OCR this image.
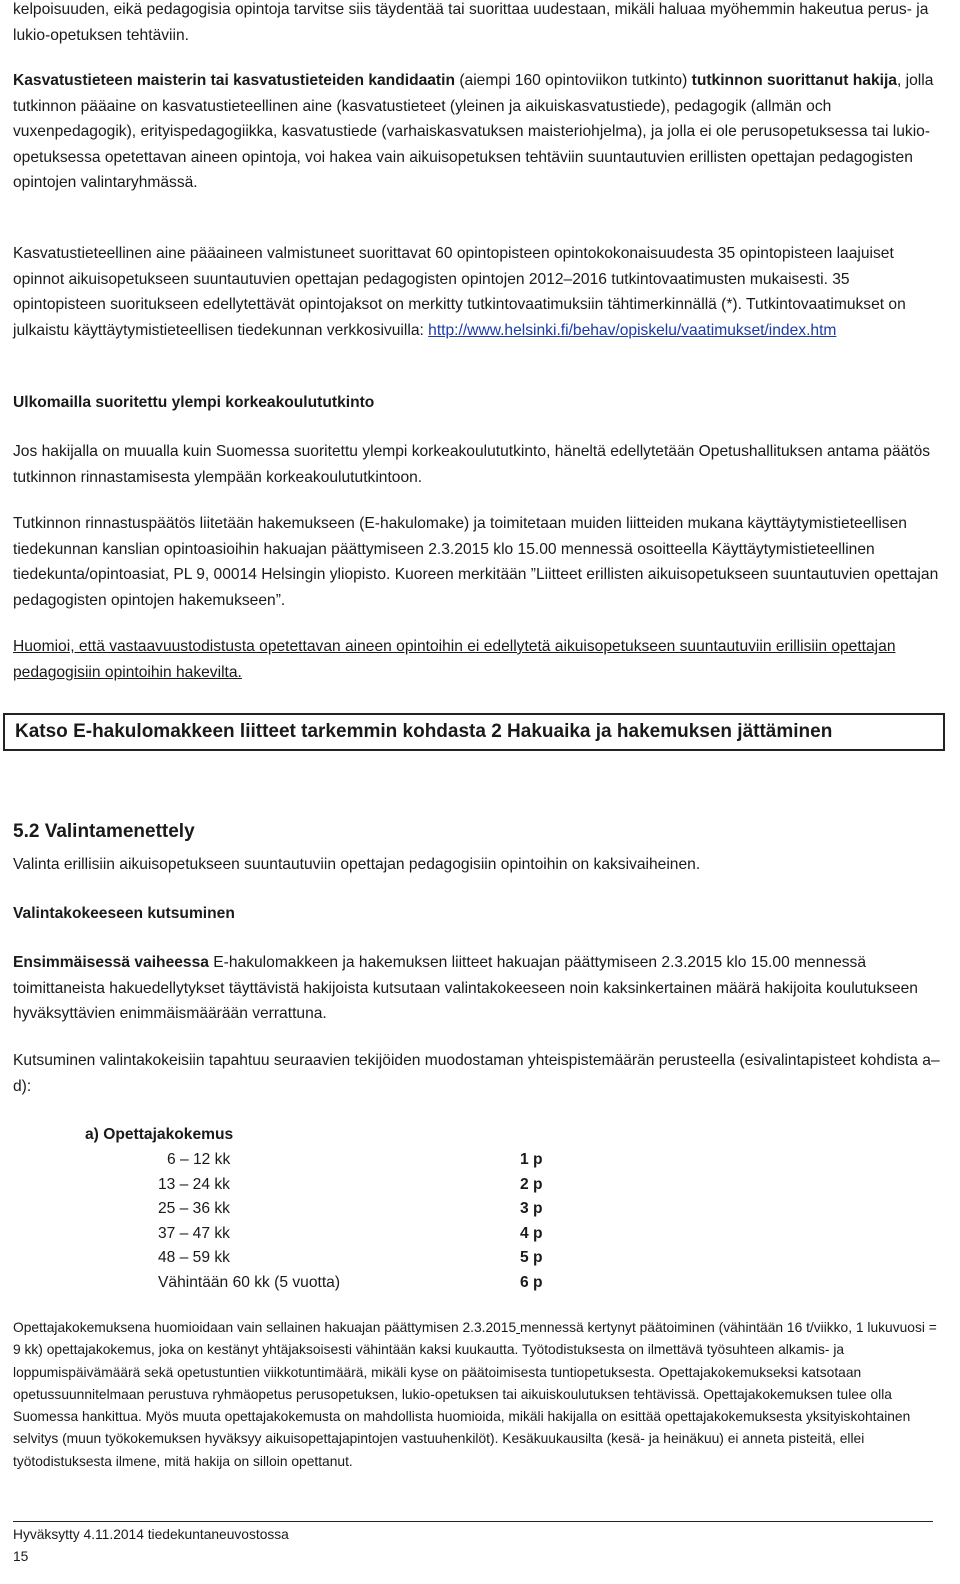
kelpoisuuden, eikä pedagogisia opintoja tarvitse siis täydentää tai suorittaa uudestaan, mikäli haluaa myöhemmin hakeutua perus- ja lukio-opetuksen tehtäviin.

Kasvatustieteen maisterin tai kasvatustieteiden kandidaatin (aiempi 160 opintoviikon tutkinto) tutkinnon suorittanut hakija, jolla tutkinnon pääaine on kasvatustieteellinen aine (kasvatustieteet (yleinen ja aikuiskasvatustiede), pedagogik (allmän och vuxenpedagogik), erityispedagogiikka, kasvatustiede (varhaiskasvatuksen maisteriohjelma), ja jolla ei ole perusopetuksessa tai lukio-opetuksessa opetettavan aineen opintoja, voi hakea vain aikuisopetuksen tehtäviin suuntautuvien erillisten opettajan pedagogisten opintojen valintaryhmässä.

Kasvatustieteellinen aine pääaineen valmistuneet suorittavat 60 opintopisteen opintokokonaisuudesta 35 opintopisteen laajuiset opinnot aikuisopetukseen suuntautuvien opettajan pedagogisten opintojen 2012–2016 tutkintovaatimusten mukaisesti. 35 opintopisteen suoritukseen edellytettävät opintojaksot on merkitty tutkintovaatimuksiin tähtimerkinnällä (*). Tutkintovaatimukset on julkaistu käyttäytymistieteellisen tiedekunnan verkkosivuilla: http://www.helsinki.fi/behav/opiskelu/vaatimukset/index.htm

Ulkomailla suoritettu ylempi korkeakoulututkinto

Jos hakijalla on muualla kuin Suomessa suoritettu ylempi korkeakoulututkinto, häneltä edellytetään Opetushallituksen antama päätös tutkinnon rinnastamisesta ylempään korkeakoulututkintoon.

Tutkinnon rinnastuspäätös liitetään hakemukseen (E-hakulomake) ja toimitetaan muiden liitteiden mukana käyttäytymistieteellisen tiedekunnan kanslian opintoasioihin hakuajan päättymiseen 2.3.2015 klo 15.00 mennessä osoitteella Käyttäytymistieteellinen tiedekunta/opintoasiat, PL 9, 00014 Helsingin yliopisto. Kuoreen merkitään ”Liitteet erillisten aikuisopetukseen suuntautuvien opettajan pedagogisten opintojen hakemukseen”.

Huomioi, että vastaavuustodistusta opetettavan aineen opintoihin ei edellytetä aikuisopetukseen suuntautuviin erillisiin opettajan pedagogisiin opintoihin hakevilta.

Katso E-hakulomakkeen liitteet tarkemmin kohdasta 2 Hakuaika ja hakemuksen jättäminen

5.2 Valintamenettely

Valinta erillisiin aikuisopetukseen suuntautuviin opettajan pedagogisiin opintoihin on kaksivaiheinen.

Valintakokeeseen kutsuminen

Ensimmäisessä vaiheessa E-hakulomakkeen ja hakemuksen liitteet hakuajan päättymiseen 2.3.2015 klo 15.00 mennessä toimittaneista hakuedellytykset täyttävistä hakijoista kutsutaan valintakokeeseen noin kaksinkertainen määrä hakijoita koulutukseen hyväksyttävien enimmäismäärään verrattuna.

Kutsuminen valintakokeisiin tapahtuu seuraavien tekijöiden muodostaman yhteispistemäärän perusteella (esivalintapisteet kohdista a–d):

a) Opettajakokemus

6 – 12 kk	1 p
13 – 24 kk	2 p
25 – 36 kk	3 p
37 – 47 kk	4 p
48 – 59 kk	5 p
Vähintään 60 kk (5 vuotta)	6 p

Opettajakokemuksena huomioidaan vain sellainen hakuajan päättymisen 2.3.2015 mennessä kertynyt päätoiminen (vähintään 16 t/viikko, 1 lukuvuosi = 9 kk) opettajakokemus, joka on kestänyt yhtäjaksoisesti vähintään kaksi kuukautta. Työtodistuksesta on ilmettävä työsuhteen alkamis- ja loppumispäivämäärä sekä opetustuntien viikkotuntimäärä, mikäli kyse on päätoimisesta tuntiopetuksesta. Opettajakokemukseksi katsotaan opetussuunnitelmaan perustuva ryhmäopetus perusopetuksen, lukio-opetuksen tai aikuiskoulutuksen tehtävissä. Opettajakokemuksen tulee olla Suomessa hankittua. Myös muuta opettajakokemusta on mahdollista huomioida, mikäli hakijalla on esittää opettajakokemuksesta yksityiskohtainen selvitys (muun työkokemuksen hyväksyy aikuisopettajapintojen vastuuhenkilöt). Kesäkuukausilta (kesä- ja heinäkuu) ei anneta pisteitä, ellei työtodistuksesta ilmene, mitä hakija on silloin opettanut.

Hyväksytty 4.11.2014 tiedekuntaneuvostossa

15
